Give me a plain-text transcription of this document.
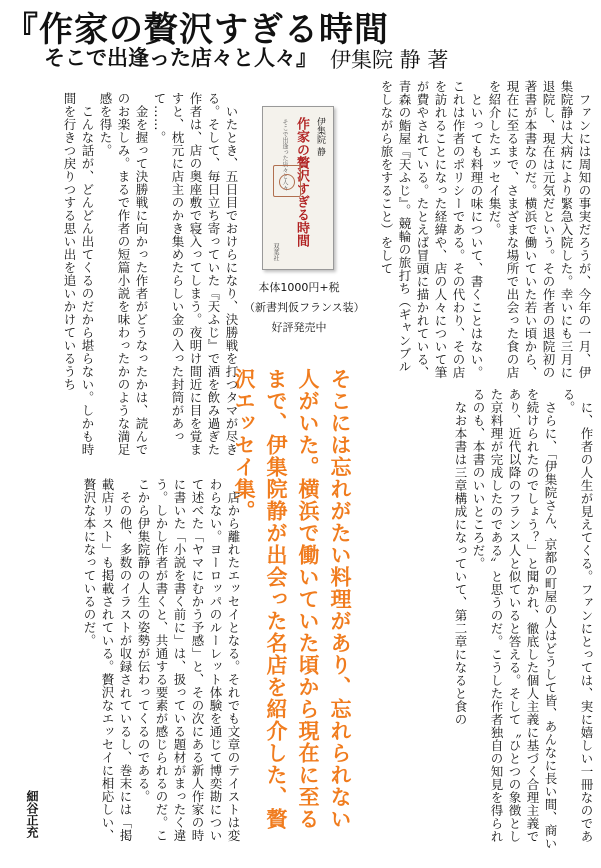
『作家の贅沢すぎる時間
そこで出逢った店々と人々』 伊集院 静 著

ファンには周知の事実だろうが、今年の一月、伊集院静は大病により緊急入院した。幸いにも三月に退院し、現在は元気だという。その作者の退院初の著書が本書なのだ。横浜で働いていた若い頃から、現在に至るまで、さまざまな場所で出会った食の店を紹介したエッセイ集だ。

といっても料理の味について、書くことはない。これは作者のポリシーである。その代わり、その店を訪れることになった経緯や、店の人々について筆が費やされている。たとえば冒頭に描かれている、青森の鮨屋『天ふじ』。競輪の旅打ち（ギャンブルをしながら旅をすること）をして

伊集院 静
作家の贅沢すぎる時間
そこで出逢った店々と人々
双葉社
本体1000円+税
（新書判仮フランス装）
好評発売中

いたとき、五日目でおけらになり、決勝戦を打つタマが尽きる。そして、毎日立ち寄っていた『天ふじ』で酒を飲み過ぎた作者は、店の奥座敷で寝入ってしまう。夜明け間近に目を覚ますと、枕元に店主のかき集めたらしい金の入った封筒があって……。

金を握って決勝戦に向かった作者がどうなったかは、読んでのお楽しみ。まるで作者の短篇小説を味わったかのような満足感を得た。

こんな話が、どんどん出てくるのだから堪らない。しかも時間を行きつ戻りつする思い出を追いかけているうち

そこには忘れがたい料理があり、忘れられない人がいた。横浜で働いていた頃から現在に至るまで、伊集院静が出会った名店を紹介した、贅沢エッセイ集。	に、作者の人生が見えてくる。ファンにとっては、実に嬉しい一冊なのである。

さらに、「伊集院さん、京都の町屋の人はどうして皆、あんなに長い間、商いを続けられたのでしょう？」と聞かれ、徹底した個人主義に基づく合理主義であり、近代以降のフランス人と似ていると答える。そして〝ひとつの象徴とした京料理が完成したのである〟と思うのだ。こうした作者独自の知見を得られるのも、本書のいいところだ。

なお本書は三章構成になっていて、第二章になると食の

店から離れたエッセイとなる。それでも文章のテイストは変わらない。ヨーロッパのルーレット体験を通じて博奕勘について述べた「ヤマにむかう予感」と、その次にある新人作家の時に書いた「小説を書く前に」は、扱っている題材がまったく違う。しかし作者が書くと、共通する要素が感じられるのだ。ここから伊集院静の人生の姿勢が伝わってくるのである。

その他、多数のイラストが収録されているし、巻末には「掲載店リスト」も掲載されている。贅沢なエッセイに相応しい、贅沢な本になっているのだ。

細谷正充
